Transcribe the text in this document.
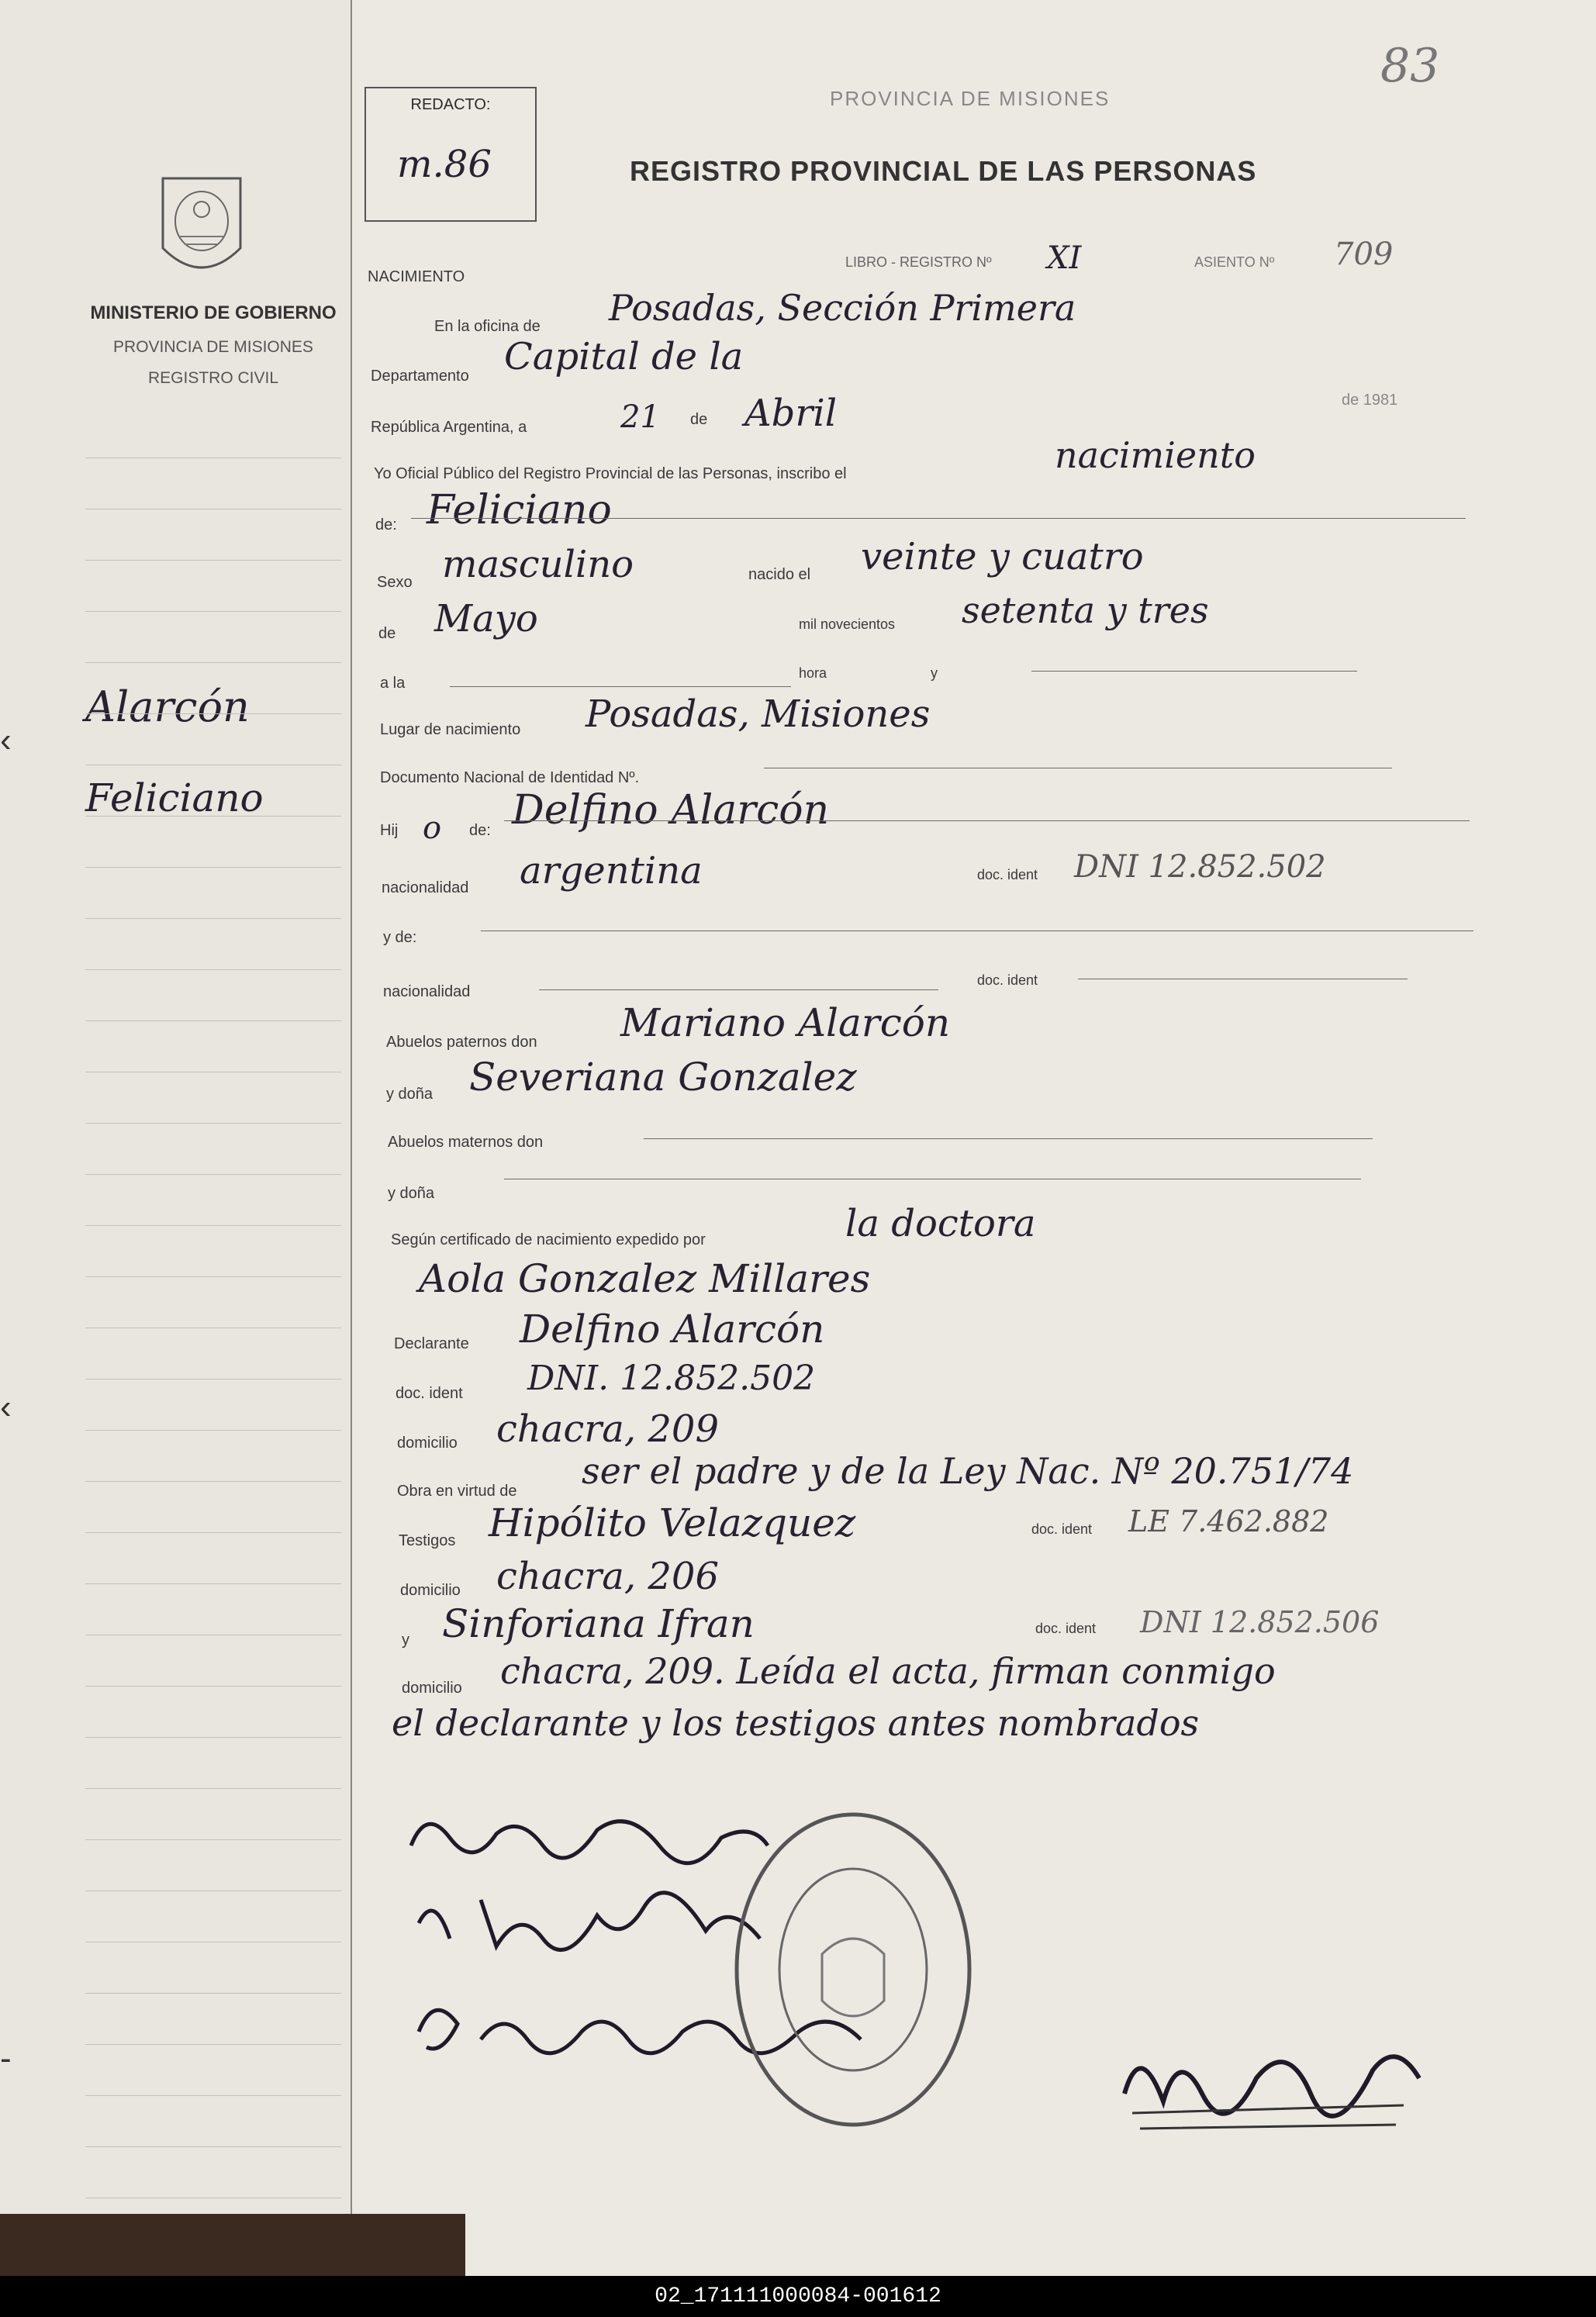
MINISTERIO DE GOBIERNO
PROVINCIA DE MISIONES
REGISTRO CIVIL
Alarcón
Feliciano
‹
‹
-
REDACTO:
m.86
PROVINCIA DE MISIONES
REGISTRO PROVINCIAL DE LAS PERSONAS
83
LIBRO - REGISTRO Nº XI	ASIENTO Nº 709
de 1981
NACIMIENTO
En la oficina de Posadas, Sección Primera
Departamento Capital de la
República Argentina, a	21 de Abril
Yo Oficial Público del Registro Provincial de las Personas, inscribo el	nacimiento
de: Feliciano
Sexo masculino	nacido el veinte y cuatro
de Mayo	mil novecientos setenta y tres
a la
hora	y
Lugar de nacimiento Posadas, Misiones
Documento Nacional de Identidad Nº.
Hij o de: Delfino Alarcón
nacionalidad argentina	doc. ident DNI 12.852.502
y de:
nacionalidad
doc. ident
Abuelos paternos don Mariano Alarcón
y doña Severiana Gonzalez
Abuelos maternos don
y doña
Según certificado de nacimiento expedido por	la doctora
Aola Gonzalez Millares
Declarante Delfino Alarcón
doc. ident DNI. 12.852.502
domicilio chacra, 209
Obra en virtud de ser el padre y de la Ley Nac. Nº 20.751/74
Testigos Hipólito Velazquez	doc. ident LE 7.462.882
domicilio chacra, 206
y Sinforiana Ifran	doc. ident DNI 12.852.506
domicilio chacra, 209. Leída el acta, firman conmigo
el declarante y los testigos antes nombrados
02_171111000084-001612
